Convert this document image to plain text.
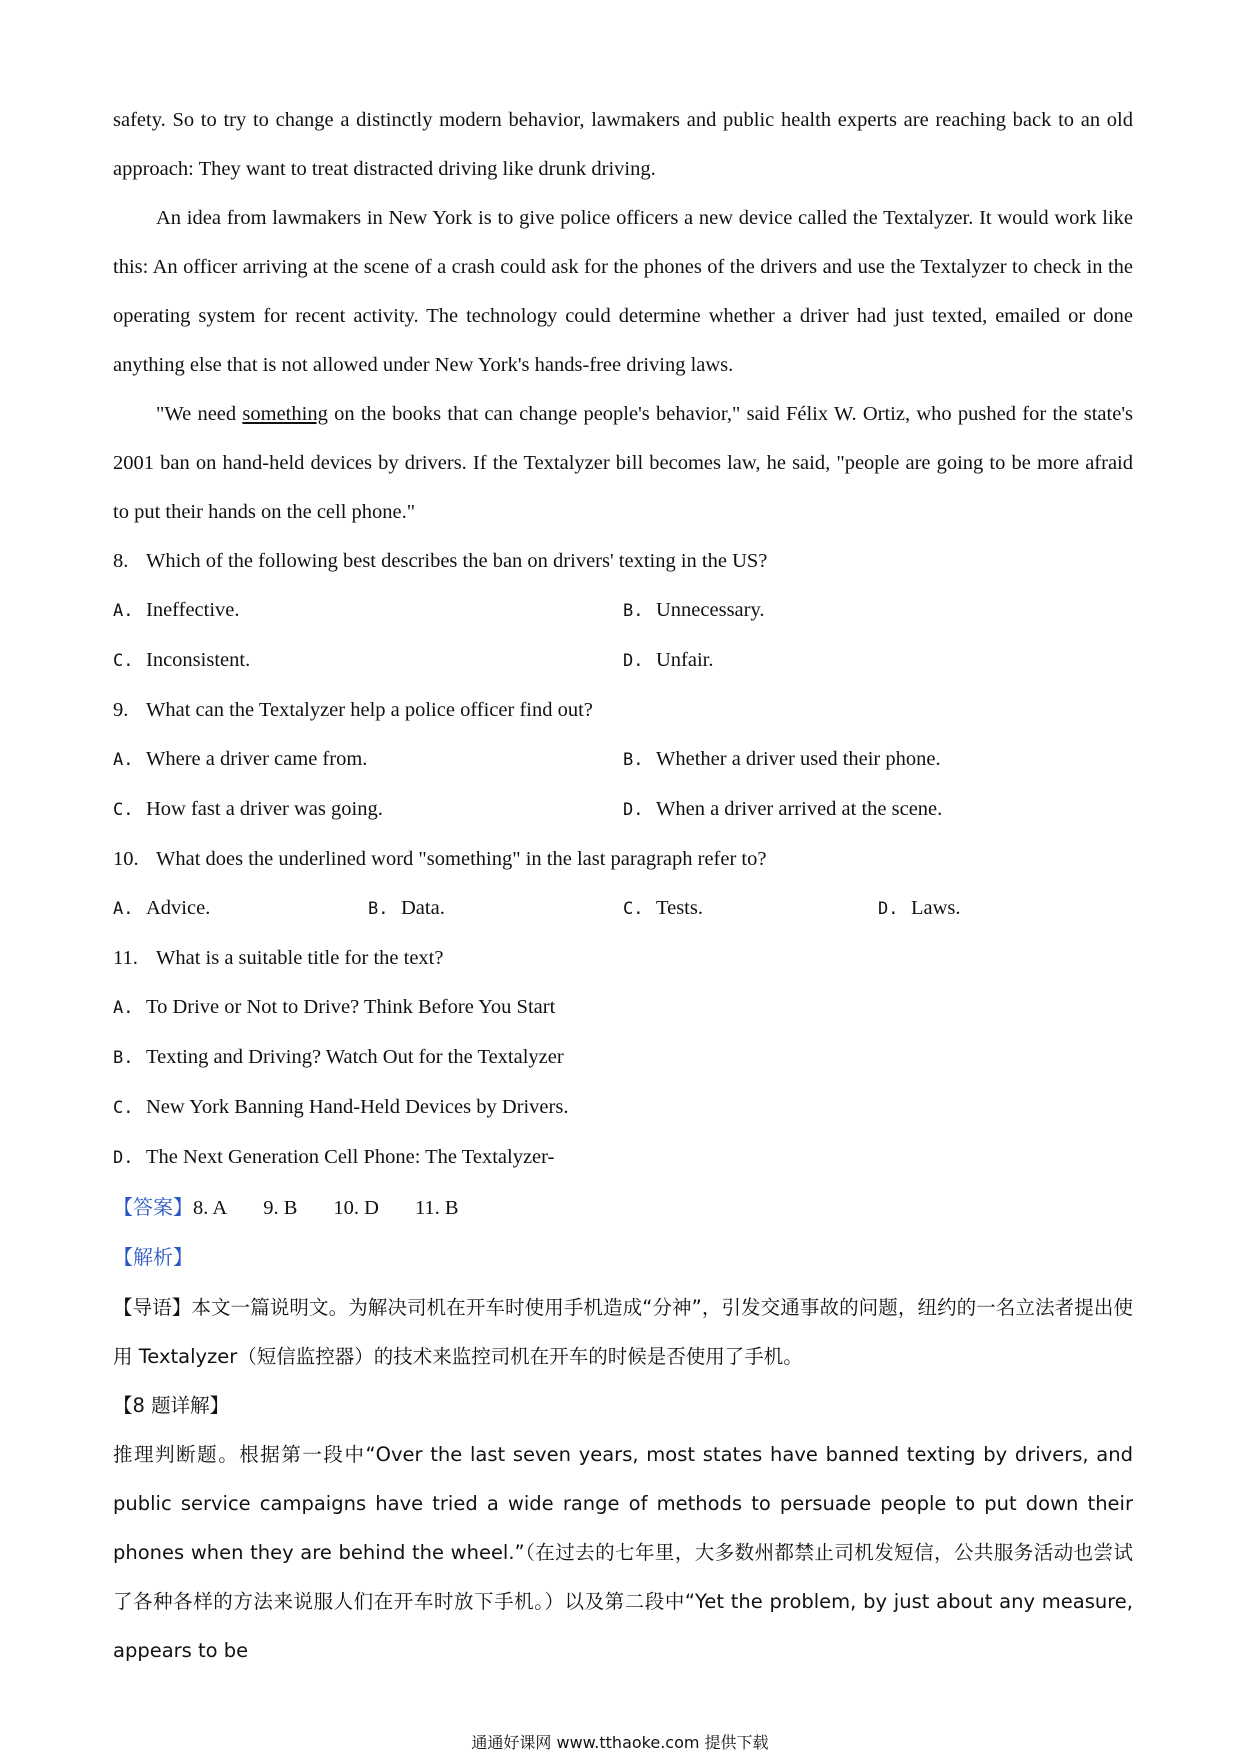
safety. So to try to change a distinctly modern behavior, lawmakers and public health experts are reaching back to an old approach: They want to treat distracted driving like drunk driving.

An idea from lawmakers in New York is to give police officers a new device called the Textalyzer. It would work like this: An officer arriving at the scene of a crash could ask for the phones of the drivers and use the Textalyzer to check in the operating system for recent activity. The technology could determine whether a driver had just texted, emailed or done anything else that is not allowed under New York's hands-free driving laws.

"We need something on the books that can change people's behavior," said Félix W. Ortiz, who pushed for the state's 2001 ban on hand-held devices by drivers. If the Textalyzer bill becomes law, he said, "people are going to be more afraid to put their hands on the cell phone."

8. Which of the following best describes the ban on drivers' texting in the US?
A. Ineffective.	B. Unnecessary.
C. Inconsistent.	D. Unfair.
9. What can the Textalyzer help a police officer find out?
A. Where a driver came from.	B. Whether a driver used their phone.
C. How fast a driver was going.	D. When a driver arrived at the scene.
10. What does the underlined word "something" in the last paragraph refer to?
A. Advice.	B. Data.	C. Tests.	D. Laws.
11. What is a suitable title for the text?
A. To Drive or Not to Drive? Think Before You Start
B. Texting and Driving? Watch Out for the Textalyzer
C. New York Banning Hand-Held Devices by Drivers.
D. The Next Generation Cell Phone: The Textalyzer-
【答案】8. A 9. B 10. D 11. B
【解析】

【导语】本文一篇说明文。为解决司机在开车时使用手机造成“分神”，引发交通事故的问题，纽约的一名立法者提出使用 Textalyzer（短信监控器）的技术来监控司机在开车的时候是否使用了手机。

【8 题详解】

推理判断题。根据第一段中“Over the last seven years, most states have banned texting by drivers, and public service campaigns have tried a wide range of methods to persuade people to put down their phones when they are behind the wheel.”（在过去的七年里，大多数州都禁止司机发短信，公共服务活动也尝试了各种各样的方法来说服人们在开车时放下手机。）以及第二段中“Yet the problem, by just about any measure, appears to be

通通好课网 www.tthaoke.com 提供下载
